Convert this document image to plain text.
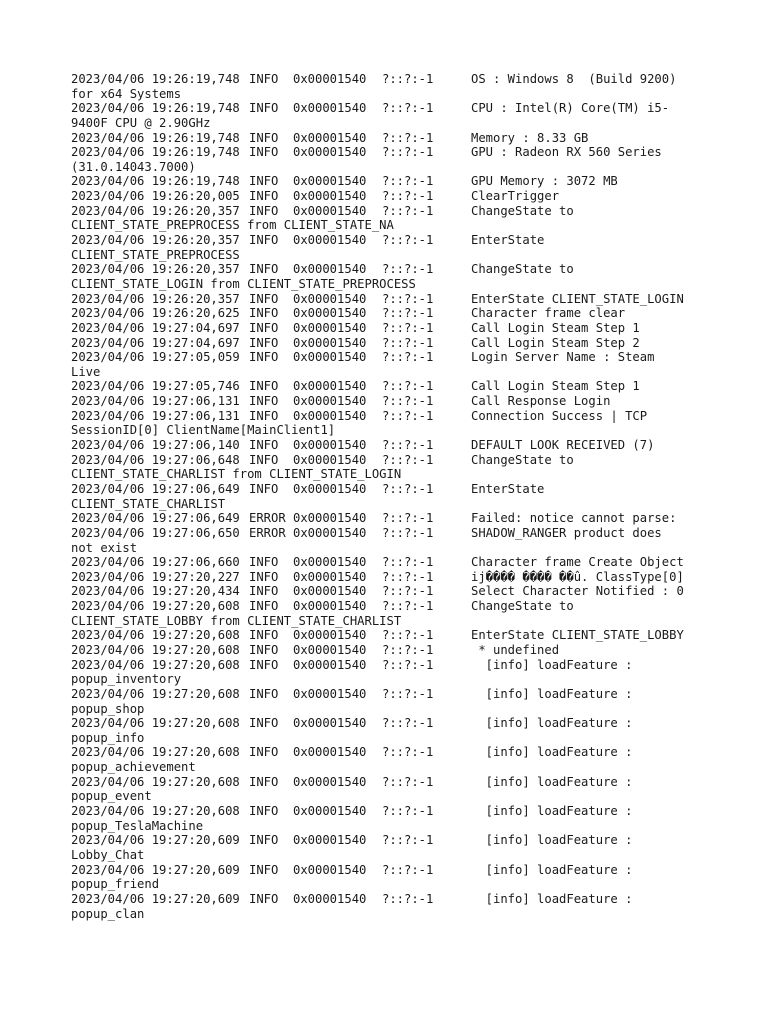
2023/04/06 19:26:19,748 INFO 0x00001540 ?::?:-1	OS : Windows 8  (Build 9200)
for x64 Systems
2023/04/06 19:26:19,748 INFO 0x00001540 ?::?:-1	CPU : Intel(R) Core(TM) i5-
9400F CPU @ 2.90GHz
2023/04/06 19:26:19,748 INFO 0x00001540 ?::?:-1	Memory : 8.33 GB
2023/04/06 19:26:19,748 INFO 0x00001540 ?::?:-1	GPU : Radeon RX 560 Series
(31.0.14043.7000)
2023/04/06 19:26:19,748 INFO 0x00001540 ?::?:-1	GPU Memory : 3072 MB
2023/04/06 19:26:20,005 INFO 0x00001540 ?::?:-1	ClearTrigger
2023/04/06 19:26:20,357 INFO 0x00001540 ?::?:-1	ChangeState to
CLIENT_STATE_PREPROCESS from CLIENT_STATE_NA
2023/04/06 19:26:20,357 INFO 0x00001540 ?::?:-1	EnterState
CLIENT_STATE_PREPROCESS
2023/04/06 19:26:20,357 INFO 0x00001540 ?::?:-1	ChangeState to
CLIENT_STATE_LOGIN from CLIENT_STATE_PREPROCESS
2023/04/06 19:26:20,357 INFO 0x00001540 ?::?:-1	EnterState CLIENT_STATE_LOGIN
2023/04/06 19:26:20,625 INFO 0x00001540 ?::?:-1	Character frame clear
2023/04/06 19:27:04,697 INFO 0x00001540 ?::?:-1	Call Login Steam Step 1
2023/04/06 19:27:04,697 INFO 0x00001540 ?::?:-1	Call Login Steam Step 2
2023/04/06 19:27:05,059 INFO 0x00001540 ?::?:-1	Login Server Name : Steam
Live
2023/04/06 19:27:05,746 INFO 0x00001540 ?::?:-1	Call Login Steam Step 1
2023/04/06 19:27:06,131 INFO 0x00001540 ?::?:-1	Call Response Login
2023/04/06 19:27:06,131 INFO 0x00001540 ?::?:-1	Connection Success | TCP
SessionID[0] ClientName[MainClient1]
2023/04/06 19:27:06,140 INFO 0x00001540 ?::?:-1	DEFAULT LOOK RECEIVED (7)
2023/04/06 19:27:06,648 INFO 0x00001540 ?::?:-1	ChangeState to
CLIENT_STATE_CHARLIST from CLIENT_STATE_LOGIN
2023/04/06 19:27:06,649 INFO 0x00001540 ?::?:-1	EnterState
CLIENT_STATE_CHARLIST
2023/04/06 19:27:06,649 ERROR 0x00001540 ?::?:-1	Failed: notice cannot parse:
2023/04/06 19:27:06,650 ERROR 0x00001540 ?::?:-1	SHADOW_RANGER product does
not exist
2023/04/06 19:27:06,660 INFO 0x00001540 ?::?:-1	Character frame Create Object
2023/04/06 19:27:20,227 INFO 0x00001540 ?::?:-1	ij���� ���� ��û. ClassType[0]
2023/04/06 19:27:20,434 INFO 0x00001540 ?::?:-1	Select Character Notified : 0
2023/04/06 19:27:20,608 INFO 0x00001540 ?::?:-1	ChangeState to
CLIENT_STATE_LOBBY from CLIENT_STATE_CHARLIST
2023/04/06 19:27:20,608 INFO 0x00001540 ?::?:-1	EnterState CLIENT_STATE_LOBBY
2023/04/06 19:27:20,608 INFO 0x00001540 ?::?:-1	* undefined
2023/04/06 19:27:20,608 INFO 0x00001540 ?::?:-1	[info] loadFeature :
popup_inventory
2023/04/06 19:27:20,608 INFO 0x00001540 ?::?:-1	[info] loadFeature :
popup_shop
2023/04/06 19:27:20,608 INFO 0x00001540 ?::?:-1	[info] loadFeature :
popup_info
2023/04/06 19:27:20,608 INFO 0x00001540 ?::?:-1	[info] loadFeature :
popup_achievement
2023/04/06 19:27:20,608 INFO 0x00001540 ?::?:-1	[info] loadFeature :
popup_event
2023/04/06 19:27:20,608 INFO 0x00001540 ?::?:-1	[info] loadFeature :
popup_TeslaMachine
2023/04/06 19:27:20,609 INFO 0x00001540 ?::?:-1	[info] loadFeature :
Lobby_Chat
2023/04/06 19:27:20,609 INFO 0x00001540 ?::?:-1	[info] loadFeature :
popup_friend
2023/04/06 19:27:20,609 INFO 0x00001540 ?::?:-1	[info] loadFeature :
popup_clan
